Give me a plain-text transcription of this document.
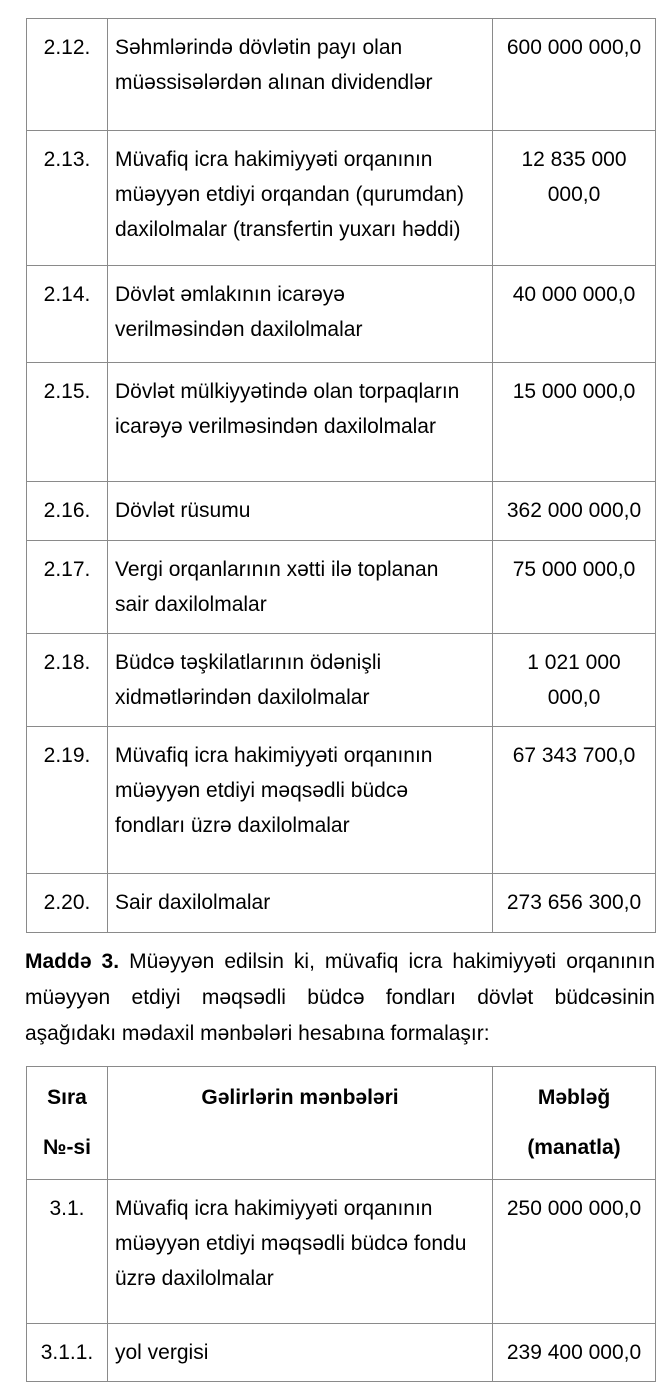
2.12.	Səhmlərində dövlətin payı olan müəssisələrdən alınan dividendlər	600 000 000,0
2.13.	Müvafiq icra hakimiyyəti orqanının müəyyən etdiyi orqandan (qurumdan) daxilolmalar (transfertin yuxarı həddi)	12 835 000 000,0
2.14.	Dövlət əmlakının icarəyə verilməsindən daxilolmalar	40 000 000,0
2.15.	Dövlət mülkiyyətində olan torpaqların icarəyə verilməsindən daxilolmalar	15 000 000,0
2.16.	Dövlət rüsumu	362 000 000,0
2.17.	Vergi orqanlarının xətti ilə toplanan sair daxilolmalar	75 000 000,0
2.18.	Büdcə təşkilatlarının ödənişli xidmətlərindən daxilolmalar	1 021 000 000,0
2.19.	Müvafiq icra hakimiyyəti orqanının müəyyən etdiyi məqsədli büdcə fondları üzrə daxilolmalar	67 343 700,0
2.20.	Sair daxilolmalar	273 656 300,0
Maddə 3. Müəyyən edilsin ki, müvafiq icra hakimiyyəti orqanının
müəyyən etdiyi məqsədli büdcə fondları dövlət büdcəsinin
aşağıdakı mədaxil mənbələri hesabına formalaşır:
Sıra №-si	Gəlirlərin mənbələri	Məbləğ (manatla)
3.1.	Müvafiq icra hakimiyyəti orqanının müəyyən etdiyi məqsədli büdcə fondu üzrə daxilolmalar	250 000 000,0
3.1.1.	yol vergisi	239 400 000,0
